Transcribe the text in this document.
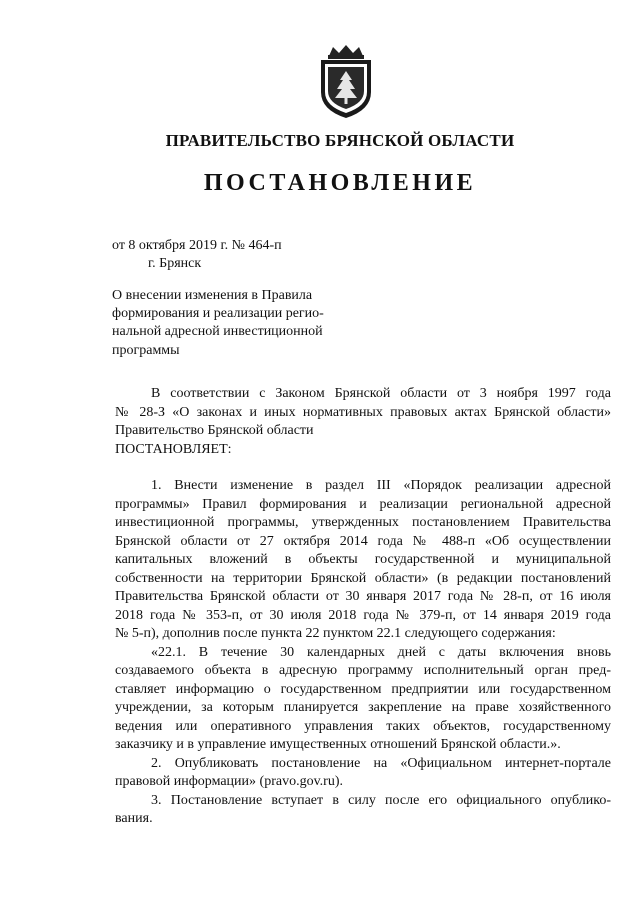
ПРАВИТЕЛЬСТВО БРЯНСКОЙ ОБЛАСТИ
ПОСТАНОВЛЕНИЕ
от 8 октября 2019 г. № 464-п
г. Брянск
О внесении изменения в Правила
формирования и реализации регио-
нальной адресной инвестиционной
программы

В соответствии с Законом Брянской области от 3 ноября 1997 года

№ 28-З «О законах и иных нормативных правовых актах Брянской области»

Правительство Брянской области

ПОСТАНОВЛЯЕТ:

1. Внести изменение в раздел III «Порядок реализации адресной

программы» Правил формирования и реализации региональной адресной

инвестиционной программы, утвержденных постановлением Правительства

Брянской области от 27 октября 2014 года № 488-п «Об осуществлении

капитальных вложений в объекты государственной и муниципальной

собственности на территории Брянской области» (в редакции постановлений

Правительства Брянской области от 30 января 2017 года № 28-п, от 16 июля

2018 года № 353-п, от 30 июля 2018 года № 379-п, от 14 января 2019 года

№ 5-п), дополнив после пункта 22 пунктом 22.1 следующего содержания:

«22.1. В течение 30 календарных дней с даты включения вновь

создаваемого объекта в адресную программу исполнительный орган пред-

ставляет информацию о государственном предприятии или государственном

учреждении, за которым планируется закрепление на праве хозяйственного

ведения или оперативного управления таких объектов, государственному

заказчику и в управление имущественных отношений Брянской области.».

2. Опубликовать постановление на «Официальном интернет-портале

правовой информации» (pravo.gov.ru).

3. Постановление вступает в силу после его официального опублико-

вания.
